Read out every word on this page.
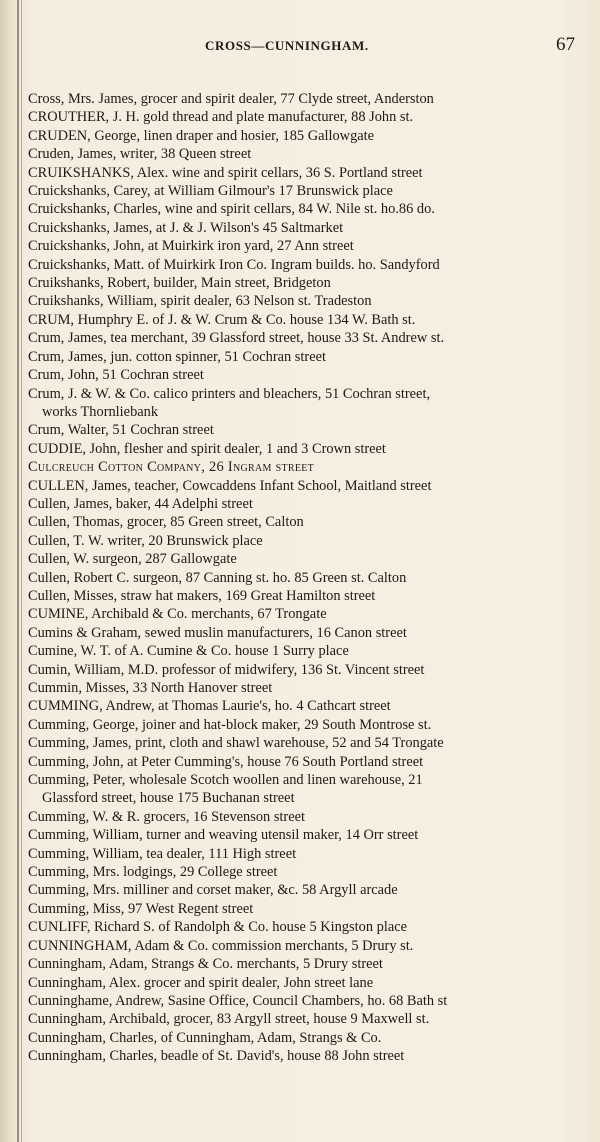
CROSS—CUNNINGHAM.	67
Cross, Mrs. James, grocer and spirit dealer, 77 Clyde street, Anderston
CROUTHER, J. H. gold thread and plate manufacturer, 88 John st.
CRUDEN, George, linen draper and hosier, 185 Gallowgate
Cruden, James, writer, 38 Queen street
CRUIKSHANKS, Alex. wine and spirit cellars, 36 S. Portland street
Cruickshanks, Carey, at William Gilmour's 17 Brunswick place
Cruickshanks, Charles, wine and spirit cellars, 84 W. Nile st. ho.86 do.
Cruickshanks, James, at J. & J. Wilson's 45 Saltmarket
Cruickshanks, John, at Muirkirk iron yard, 27 Ann street
Cruickshanks, Matt. of Muirkirk Iron Co. Ingram builds. ho. Sandyford
Cruikshanks, Robert, builder, Main street, Bridgeton
Cruikshanks, William, spirit dealer, 63 Nelson st. Tradeston
CRUM, Humphry E. of J. & W. Crum & Co. house 134 W. Bath st.
Crum, James, tea merchant, 39 Glassford street, house 33 St. Andrew st.
Crum, James, jun. cotton spinner, 51 Cochran street
Crum, John, 51 Cochran street
Crum, J. & W. & Co. calico printers and bleachers, 51 Cochran street,
works Thornliebank
Crum, Walter, 51 Cochran street
CUDDIE, John, flesher and spirit dealer, 1 and 3 Crown street
Culcreuch Cotton Company, 26 Ingram street
CULLEN, James, teacher, Cowcaddens Infant School, Maitland street
Cullen, James, baker, 44 Adelphi street
Cullen, Thomas, grocer, 85 Green street, Calton
Cullen, T. W. writer, 20 Brunswick place
Cullen, W. surgeon, 287 Gallowgate
Cullen, Robert C. surgeon, 87 Canning st. ho. 85 Green st. Calton
Cullen, Misses, straw hat makers, 169 Great Hamilton street
CUMINE, Archibald & Co. merchants, 67 Trongate
Cumins & Graham, sewed muslin manufacturers, 16 Canon street
Cumine, W. T. of A. Cumine & Co. house 1 Surry place
Cumin, William, M.D. professor of midwifery, 136 St. Vincent street
Cummin, Misses, 33 North Hanover street
CUMMING, Andrew, at Thomas Laurie's, ho. 4 Cathcart street
Cumming, George, joiner and hat-block maker, 29 South Montrose st.
Cumming, James, print, cloth and shawl warehouse, 52 and 54 Trongate
Cumming, John, at Peter Cumming's, house 76 South Portland street
Cumming, Peter, wholesale Scotch woollen and linen warehouse, 21
Glassford street, house 175 Buchanan street
Cumming, W. & R. grocers, 16 Stevenson street
Cumming, William, turner and weaving utensil maker, 14 Orr street
Cumming, William, tea dealer, 111 High street
Cumming, Mrs. lodgings, 29 College street
Cumming, Mrs. milliner and corset maker, &c. 58 Argyll arcade
Cumming, Miss, 97 West Regent street
CUNLIFF, Richard S. of Randolph & Co. house 5 Kingston place
CUNNINGHAM, Adam & Co. commission merchants, 5 Drury st.
Cunningham, Adam, Strangs & Co. merchants, 5 Drury street
Cunningham, Alex. grocer and spirit dealer, John street lane
Cunninghame, Andrew, Sasine Office, Council Chambers, ho. 68 Bath st
Cunningham, Archibald, grocer, 83 Argyll street, house 9 Maxwell st.
Cunningham, Charles, of Cunningham, Adam, Strangs & Co.
Cunningham, Charles, beadle of St. David's, house 88 John street
